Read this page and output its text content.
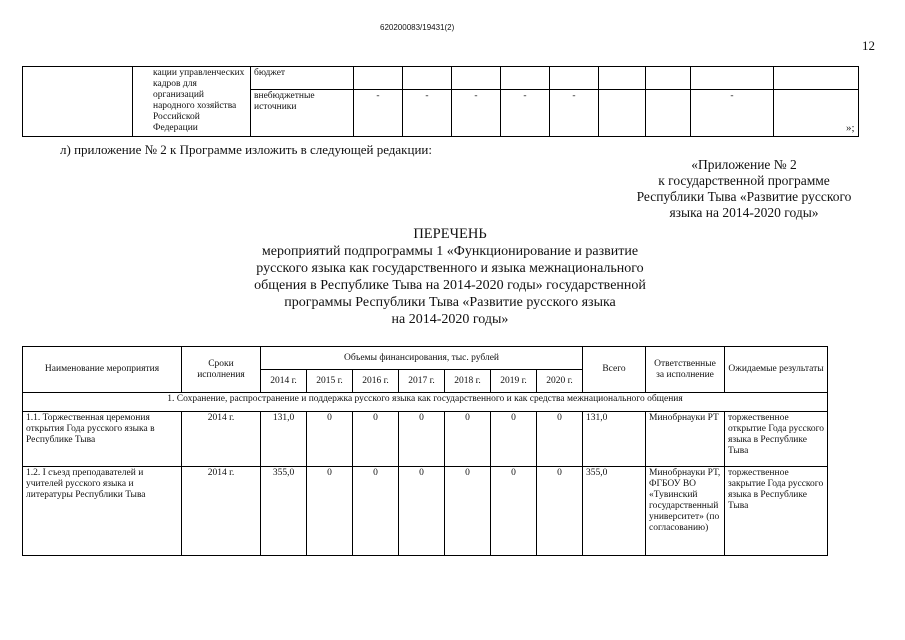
620200083/19431(2)
12
	кации управленческих кадров для организаций народного хозяйства Российской Федерации	бюджет									
		внебюджетные источники	-	-	-	-	-			-	
»;
л) приложение № 2 к Программе изложить в следующей редакции:
«Приложение № 2
к государственной программе
Республики Тыва «Развитие русского
языка на 2014-2020 годы»
ПЕРЕЧЕНЬ
мероприятий подпрограммы 1 «Функционирование и развитие
русского языка как государственного и языка межнационального
общения в Республике Тыва на 2014-2020 годы» государственной
программы Республики Тыва «Развитие русского языка
на 2014-2020 годы»
Наименование мероприятия	Сроки исполнения	Объемы финансирования, тыс. рублей							Всего	Ответственные за исполнение	Ожидаемые результаты
		2014 г.	2015 г.	2016 г.	2017 г.	2018 г.	2019 г.	2020 г.			
1. Сохранение, распространение и поддержка русского языка как государственного и как средства межнационального общения											
1.1. Торжественная церемония открытия Года русского языка в Республике Тыва	2014 г.	131,0	0	0	0	0	0	0	131,0	Минобрнауки РТ	торжественное открытие Года русского языка в Республике Тыва
1.2. I съезд преподавателей и учителей русского языка и литературы Республики Тыва	2014 г.	355,0	0	0	0	0	0	0	355,0	Минобрнауки РТ, ФГБОУ ВО «Тувинский государственный университет» (по согласованию)	торжественное закрытие Года русского языка в Республике Тыва
